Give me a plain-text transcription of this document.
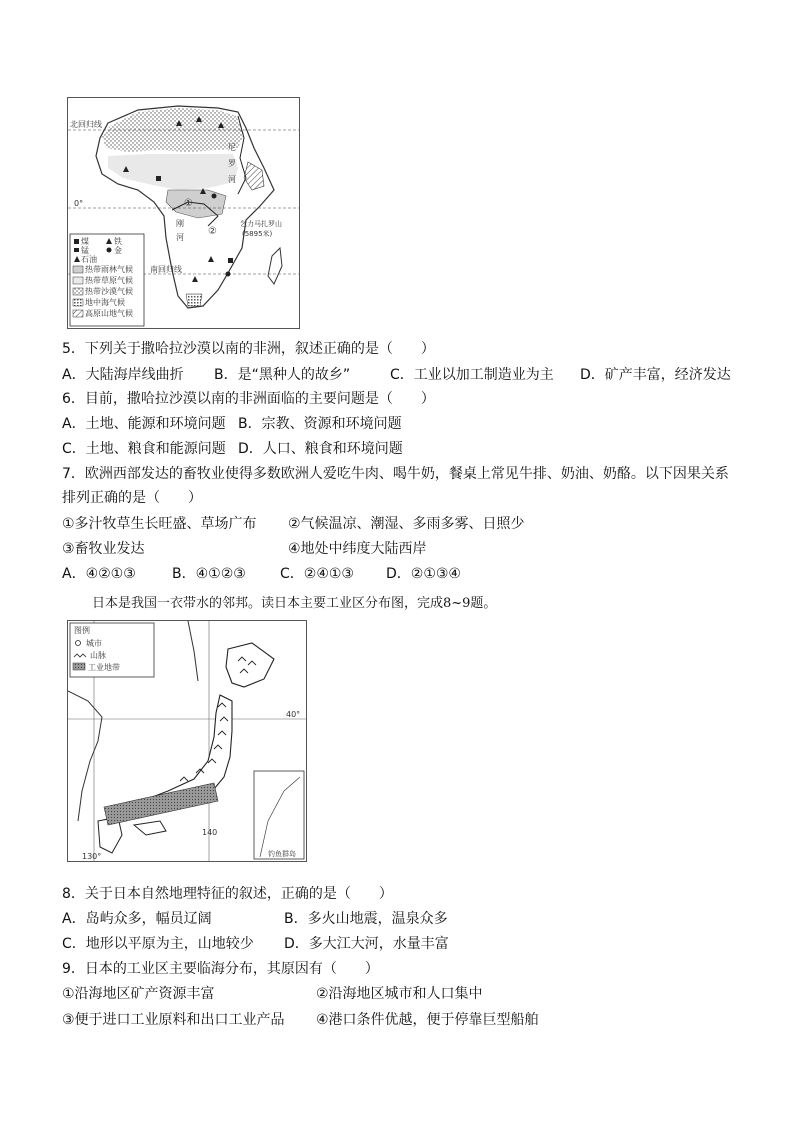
北回归线
0°
南回归线
尼
罗
河
刚
河
①
②
乞力马扎罗山
(5895米)
煤	铁
锰	金
石油
热带雨林气候
热带草原气候
热带沙漠气候
地中海气候
高原山地气候
5．下列关于撒哈拉沙漠以南的非洲，叙述正确的是（　　）
A．大陆海岸线曲折 B．是“黑种人的故乡”	C．工业以加工制造业为主 D．矿产丰富，经济发达
6．目前，撒哈拉沙漠以南的非洲面临的主要问题是（　　）
A．土地、能源和环境问题 B．宗教、资源和环境问题
C．土地、粮食和能源问题 D．人口、粮食和环境问题
7．欧洲西部发达的畜牧业使得多数欧洲人爱吃牛肉、喝牛奶，餐桌上常见牛排、奶油、奶酪。以下因果关系
排列正确的是（　　）
①多汁牧草生长旺盛、草场广布 ②气候温凉、潮湿、多雨多雾、日照少
③畜牧业发达	④地处中纬度大陆西岸
A．④②①③	B．④①②③ C．②④①③ D．②①③④
日本是我国一衣带水的邻邦。读日本主要工业区分布图，完成8~9题。
钓鱼群岛
图例
城市
山脉
工业地带
40°
140
130°
8．关于日本自然地理特征的叙述，正确的是（　　）
A．岛屿众多，幅员辽阔	B．多火山地震，温泉众多
C．地形以平原为主，山地较少 D．多大江大河，水量丰富
9．日本的工业区主要临海分布，其原因有（　　）
①沿海地区矿产资源丰富	②沿海地区城市和人口集中
③便于进口工业原料和出口工业产品 ④港口条件优越，便于停靠巨型船舶
